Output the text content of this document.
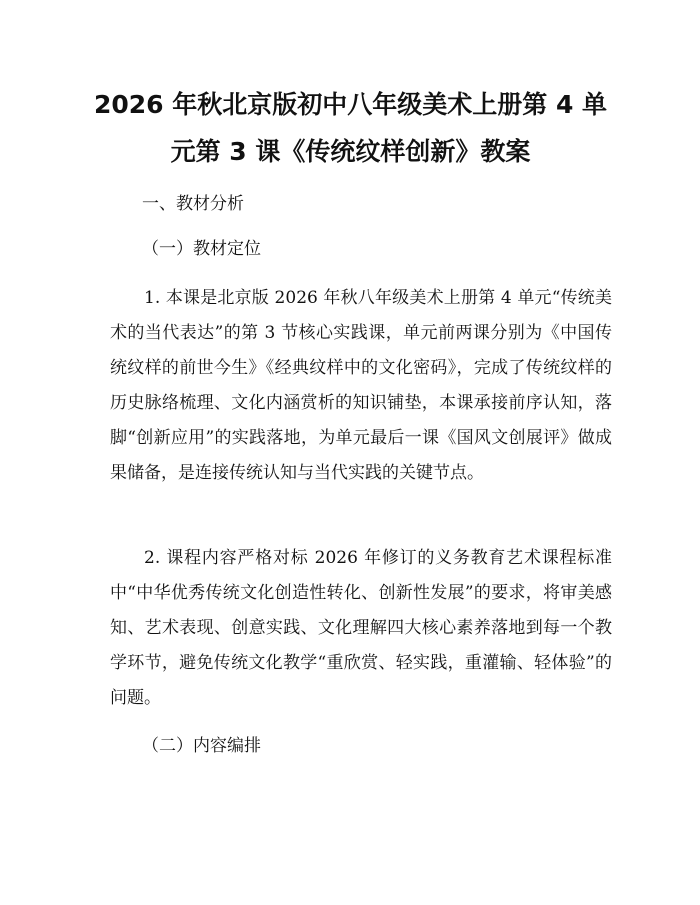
2026 年秋北京版初中八年级美术上册第 4 单
元第 3 课《传统纹样创新》教案
一、教材分析
（一）教材定位
1. 本课是北京版 2026 年秋八年级美术上册第 4 单元“传统美术的当代表达”的第 3 节核心实践课，单元前两课分别为《中国传统纹样的前世今生》《经典纹样中的文化密码》，完成了传统纹样的历史脉络梳理、文化内涵赏析的知识铺垫，本课承接前序认知，落脚“创新应用”的实践落地，为单元最后一课《国风文创展评》做成果储备，是连接传统认知与当代实践的关键节点。
2. 课程内容严格对标 2026 年修订的义务教育艺术课程标准中“中华优秀传统文化创造性转化、创新性发展”的要求，将审美感知、艺术表现、创意实践、文化理解四大核心素养落地到每一个教学环节，避免传统文化教学“重欣赏、轻实践，重灌输、轻体验”的问题。
（二）内容编排
